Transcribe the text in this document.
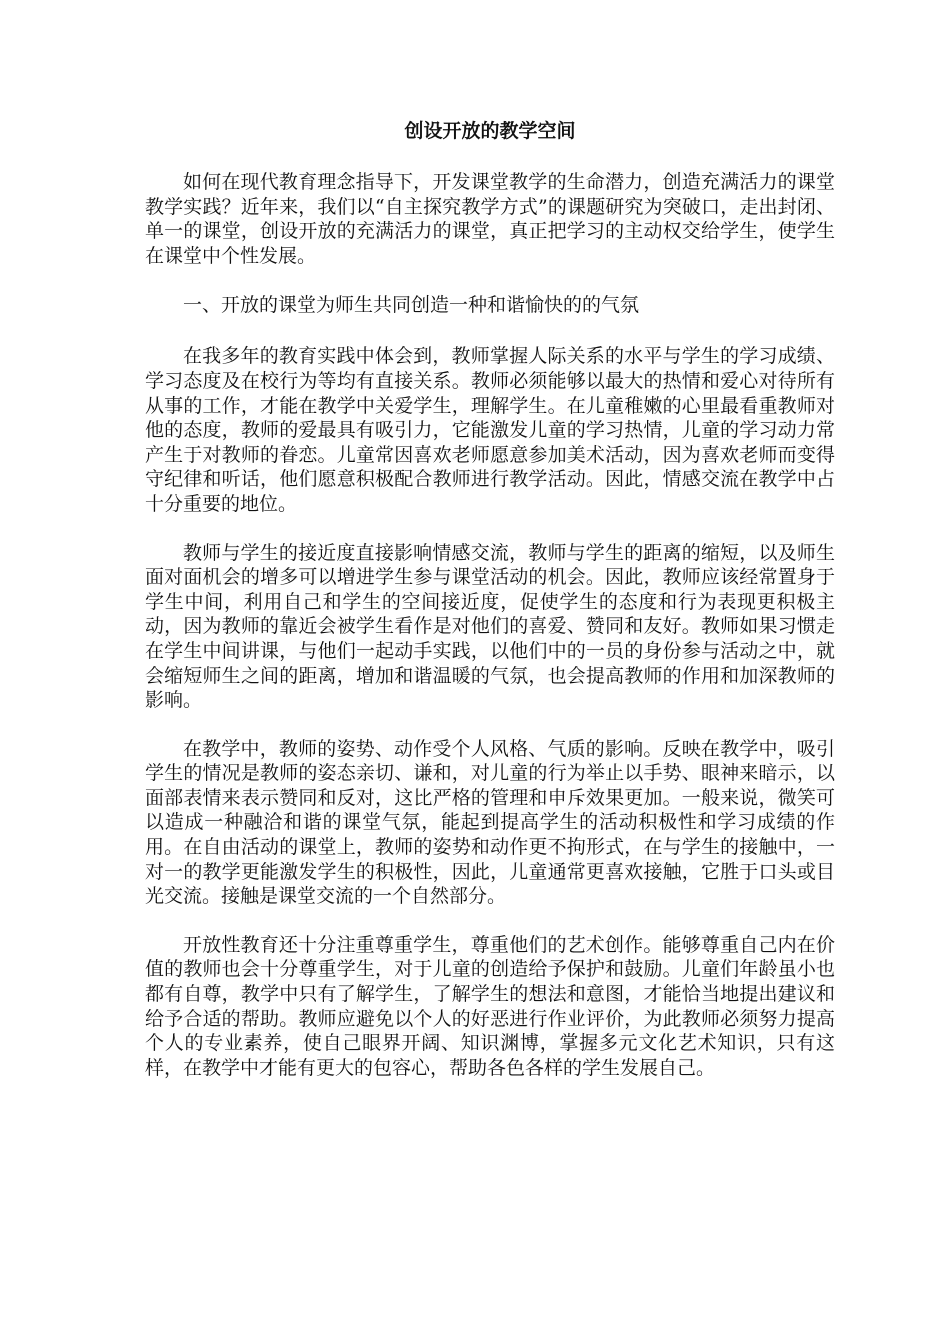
创设开放的教学空间

如何在现代教育理念指导下，开发课堂教学的生命潜力，创造充满活力的课堂教学实践？近年来，我们以“自主探究教学方式”的课题研究为突破口，走出封闭、单一的课堂，创设开放的充满活力的课堂，真正把学习的主动权交给学生，使学生在课堂中个性发展。

一、开放的课堂为师生共同创造一种和谐愉快的的气氛

在我多年的教育实践中体会到，教师掌握人际关系的水平与学生的学习成绩、学习态度及在校行为等均有直接关系。教师必须能够以最大的热情和爱心对待所有从事的工作，才能在教学中关爱学生，理解学生。在儿童稚嫩的心里最看重教师对他的态度，教师的爱最具有吸引力，它能激发儿童的学习热情，儿童的学习动力常产生于对教师的眷恋。儿童常因喜欢老师愿意参加美术活动，因为喜欢老师而变得守纪律和听话，他们愿意积极配合教师进行教学活动。因此，情感交流在教学中占十分重要的地位。

教师与学生的接近度直接影响情感交流，教师与学生的距离的缩短，以及师生面对面机会的增多可以增进学生参与课堂活动的机会。因此，教师应该经常置身于学生中间，利用自己和学生的空间接近度，促使学生的态度和行为表现更积极主动，因为教师的靠近会被学生看作是对他们的喜爱、赞同和友好。教师如果习惯走在学生中间讲课，与他们一起动手实践，以他们中的一员的身份参与活动之中，就会缩短师生之间的距离，增加和谐温暖的气氛，也会提高教师的作用和加深教师的影响。

在教学中，教师的姿势、动作受个人风格、气质的影响。反映在教学中，吸引学生的情况是教师的姿态亲切、谦和，对儿童的行为举止以手势、眼神来暗示，以面部表情来表示赞同和反对，这比严格的管理和申斥效果更加。一般来说，微笑可以造成一种融洽和谐的课堂气氛，能起到提高学生的活动积极性和学习成绩的作用。在自由活动的课堂上，教师的姿势和动作更不拘形式，在与学生的接触中，一对一的教学更能激发学生的积极性，因此，儿童通常更喜欢接触，它胜于口头或目光交流。接触是课堂交流的一个自然部分。

开放性教育还十分注重尊重学生，尊重他们的艺术创作。能够尊重自己内在价值的教师也会十分尊重学生，对于儿童的创造给予保护和鼓励。儿童们年龄虽小也都有自尊，教学中只有了解学生，了解学生的想法和意图，才能恰当地提出建议和给予合适的帮助。教师应避免以个人的好恶进行作业评价，为此教师必须努力提高个人的专业素养，使自己眼界开阔、知识渊博，掌握多元文化艺术知识，只有这样，在教学中才能有更大的包容心，帮助各色各样的学生发展自己。
